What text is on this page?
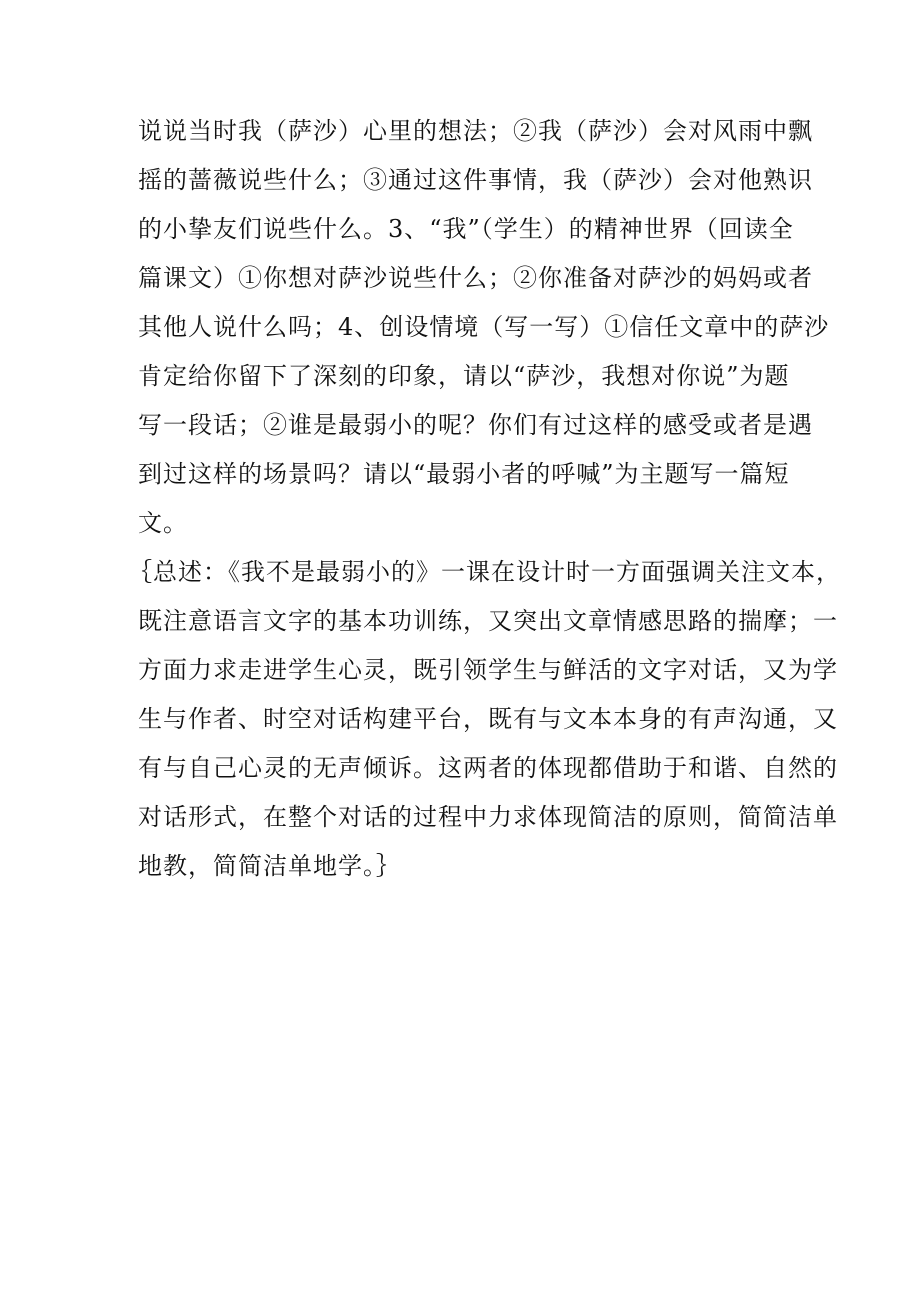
说说当时我（萨沙）心里的想法；②我（萨沙）会对风雨中飘
摇的蔷薇说些什么；③通过这件事情，我（萨沙）会对他熟识
的小挚友们说些什么。3、“我”（学生）的精神世界（回读全
篇课文）①你想对萨沙说些什么；②你准备对萨沙的妈妈或者
其他人说什么吗；4、创设情境（写一写）①信任文章中的萨沙
肯定给你留下了深刻的印象，请以“萨沙，我想对你说”为题
写一段话；②谁是最弱小的呢？你们有过这样的感受或者是遇
到过这样的场景吗？请以“最弱小者的呼喊”为主题写一篇短
文。
｛总述：《我不是最弱小的》一课在设计时一方面强调关注文本，
既注意语言文字的基本功训练，又突出文章情感思路的揣摩；一
方面力求走进学生心灵，既引领学生与鲜活的文字对话，又为学
生与作者、时空对话构建平台，既有与文本本身的有声沟通，又
有与自己心灵的无声倾诉。这两者的体现都借助于和谐、自然的
对话形式，在整个对话的过程中力求体现简洁的原则，简简洁单
地教，简简洁单地学。｝
